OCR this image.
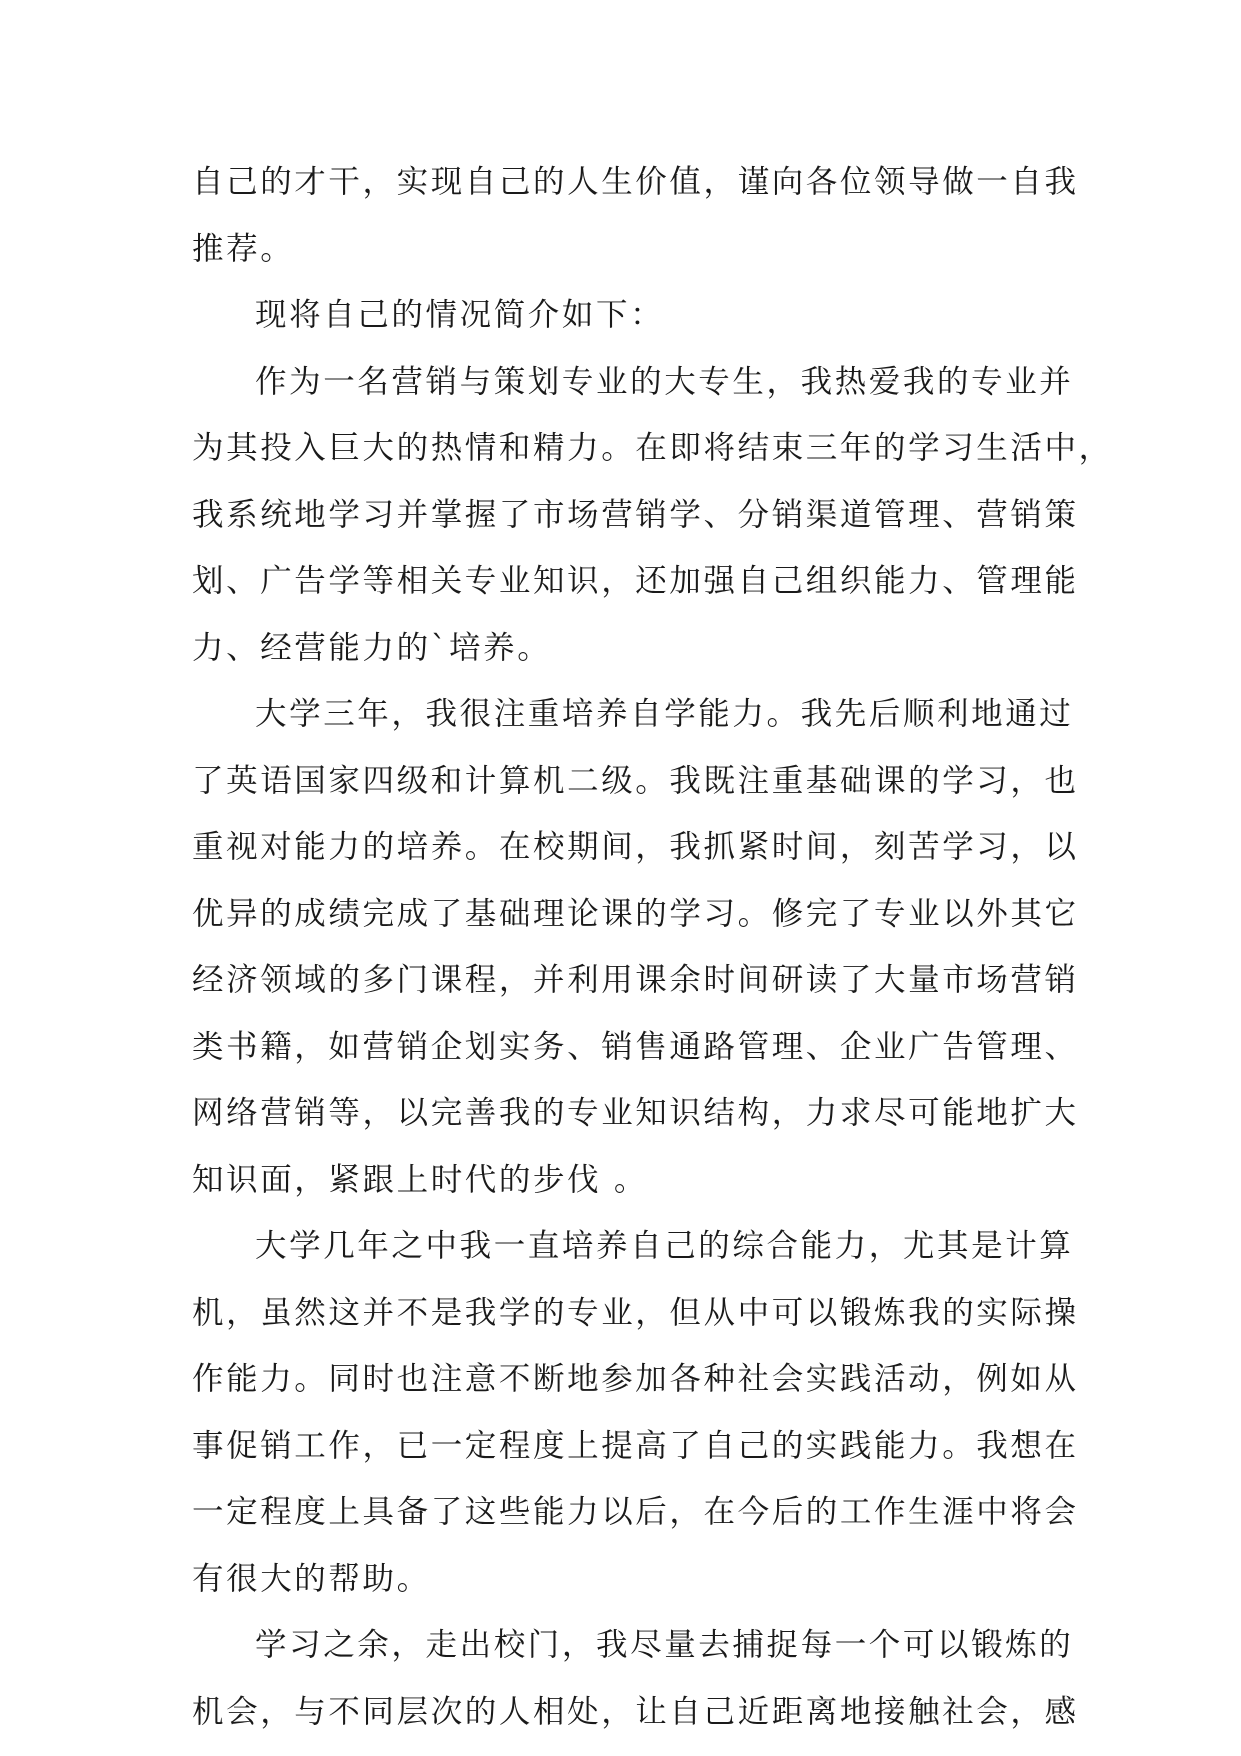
自己的才干，实现自己的人生价值，谨向各位领导做一自我
推荐。
现将自己的情况简介如下：
作为一名营销与策划专业的大专生，我热爱我的专业并
为其投入巨大的热情和精力。在即将结束三年的学习生活中，
我系统地学习并掌握了市场营销学、分销渠道管理、营销策
划、广告学等相关专业知识，还加强自己组织能力、管理能
力、经营能力的`培养。
大学三年，我很注重培养自学能力。我先后顺利地通过
了英语国家四级和计算机二级。我既注重基础课的学习，也
重视对能力的培养。在校期间，我抓紧时间，刻苦学习，以
优异的成绩完成了基础理论课的学习。修完了专业以外其它
经济领域的多门课程，并利用课余时间研读了大量市场营销
类书籍，如营销企划实务、销售通路管理、企业广告管理、
网络营销等，以完善我的专业知识结构，力求尽可能地扩大
知识面，紧跟上时代的步伐 。
大学几年之中我一直培养自己的综合能力，尤其是计算
机，虽然这并不是我学的专业，但从中可以锻炼我的实际操
作能力。同时也注意不断地参加各种社会实践活动，例如从
事促销工作，已一定程度上提高了自己的实践能力。我想在
一定程度上具备了这些能力以后，在今后的工作生涯中将会
有很大的帮助。
学习之余，走出校门，我尽量去捕捉每一个可以锻炼的
机会，与不同层次的人相处，让自己近距离地接触社会，感
